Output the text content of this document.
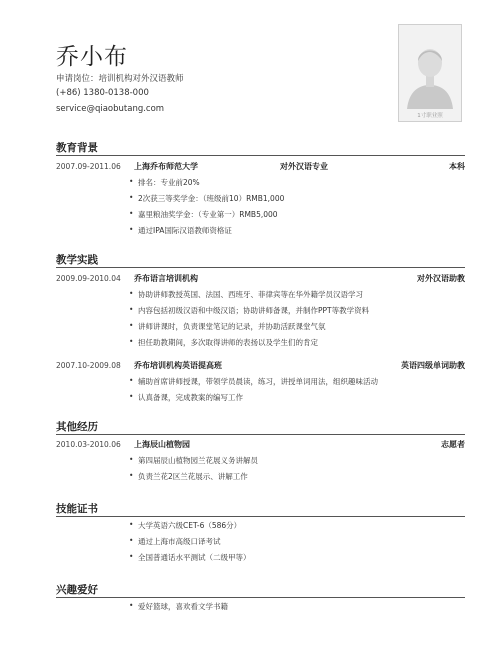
乔小布
申请岗位：培训机构对外汉语教师
(+86) 1380-0138-000
service@qiaobutang.com
1寸职业照
教育背景
2007.09-2011.06 上海乔布师范大学	对外汉语专业	本科
• 排名：专业前20%
• 2次获三等奖学金：（班级前10）RMB1,000
• 嘉里粮油奖学金：（专业第一）RMB5,000
• 通过IPA国际汉语教师资格证
教学实践
2009.09-2010.04 乔布语言培训机构	对外汉语助教
• 协助讲师教授英国、法国、西班牙、菲律宾等在华外籍学员汉语学习
• 内容包括初级汉语和中级汉语；协助讲师备课，并制作PPT等教学资料
• 讲师讲课时，负责课堂笔记的记录，并协助活跃课堂气氛
• 担任助教期间，多次取得讲师的表扬以及学生们的肯定
2007.10-2009.08 乔布培训机构英语提高班	英语四级单词助教
• 辅助首席讲师授课，带领学员晨读，练习，讲授单词用法，组织趣味活动
• 认真备课，完成教案的编写工作
其他经历
2010.03-2010.06 上海辰山植物园	志愿者
• 第四届辰山植物园兰花展义务讲解员
• 负责兰花2区兰花展示、讲解工作
技能证书
• 大学英语六级CET-6（586分）
• 通过上海市高级口译考试
• 全国普通话水平测试（二级甲等）
兴趣爱好
• 爱好篮球，喜欢看文学书籍
